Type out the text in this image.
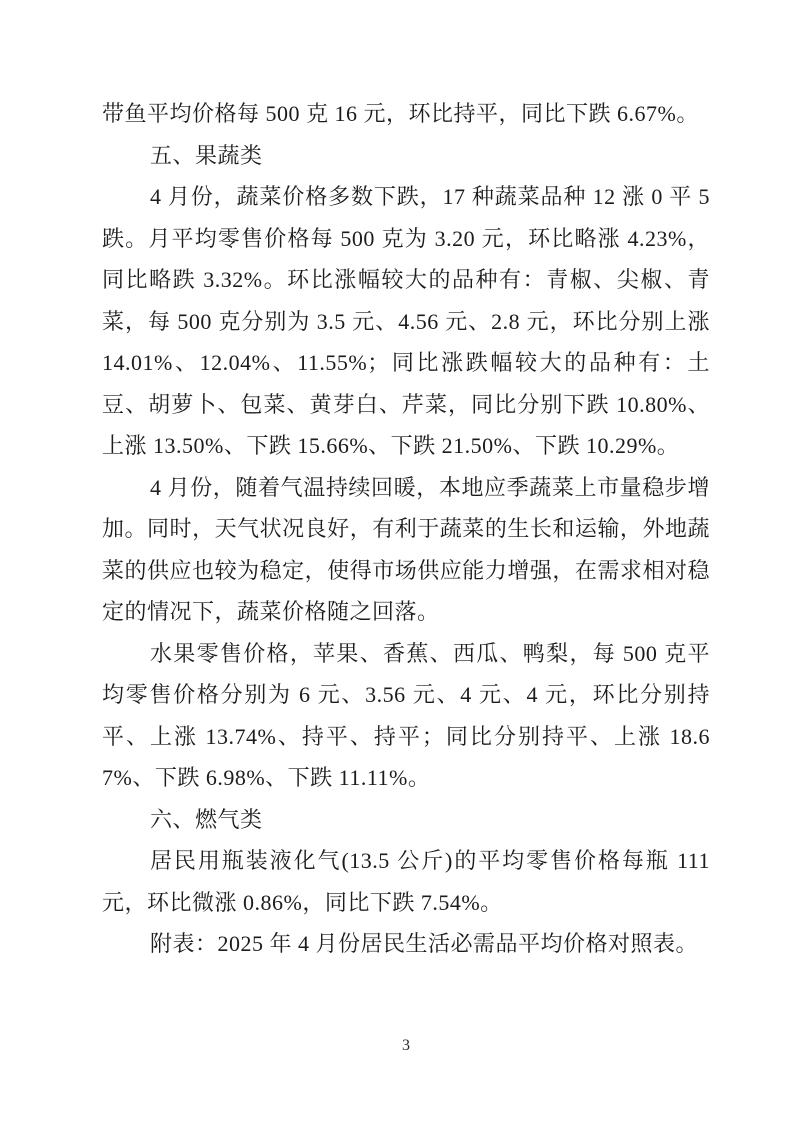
带鱼平均价格每 500 克 16 元，环比持平，同比下跌 6.67%。

五、果蔬类

4 月份，蔬菜价格多数下跌，17 种蔬菜品种 12 涨 0 平 5 跌。月平均零售价格每 500 克为 3.20 元，环比略涨 4.23%，同比略跌 3.32%。环比涨幅较大的品种有：青椒、尖椒、青菜，每 500 克分别为 3.5 元、4.56 元、2.8 元，环比分别上涨 14.01%、12.04%、11.55%；同比涨跌幅较大的品种有：土豆、胡萝卜、包菜、黄芽白、芹菜，同比分别下跌 10.80%、上涨 13.50%、下跌 15.66%、下跌 21.50%、下跌 10.29%。

4 月份，随着气温持续回暖，本地应季蔬菜上市量稳步增加。同时，天气状况良好，有利于蔬菜的生长和运输，外地蔬菜的供应也较为稳定，使得市场供应能力增强，在需求相对稳定的情况下，蔬菜价格随之回落。

水果零售价格，苹果、香蕉、西瓜、鸭梨，每 500 克平均零售价格分别为 6 元、3.56 元、4 元、4 元，环比分别持平、上涨 13.74%、持平、持平；同比分别持平、上涨 18.67%、下跌 6.98%、下跌 11.11%。

六、燃气类

居民用瓶装液化气(13.5 公斤)的平均零售价格每瓶 111 元，环比微涨 0.86%，同比下跌 7.54%。

附表：2025 年 4 月份居民生活必需品平均价格对照表。

3
